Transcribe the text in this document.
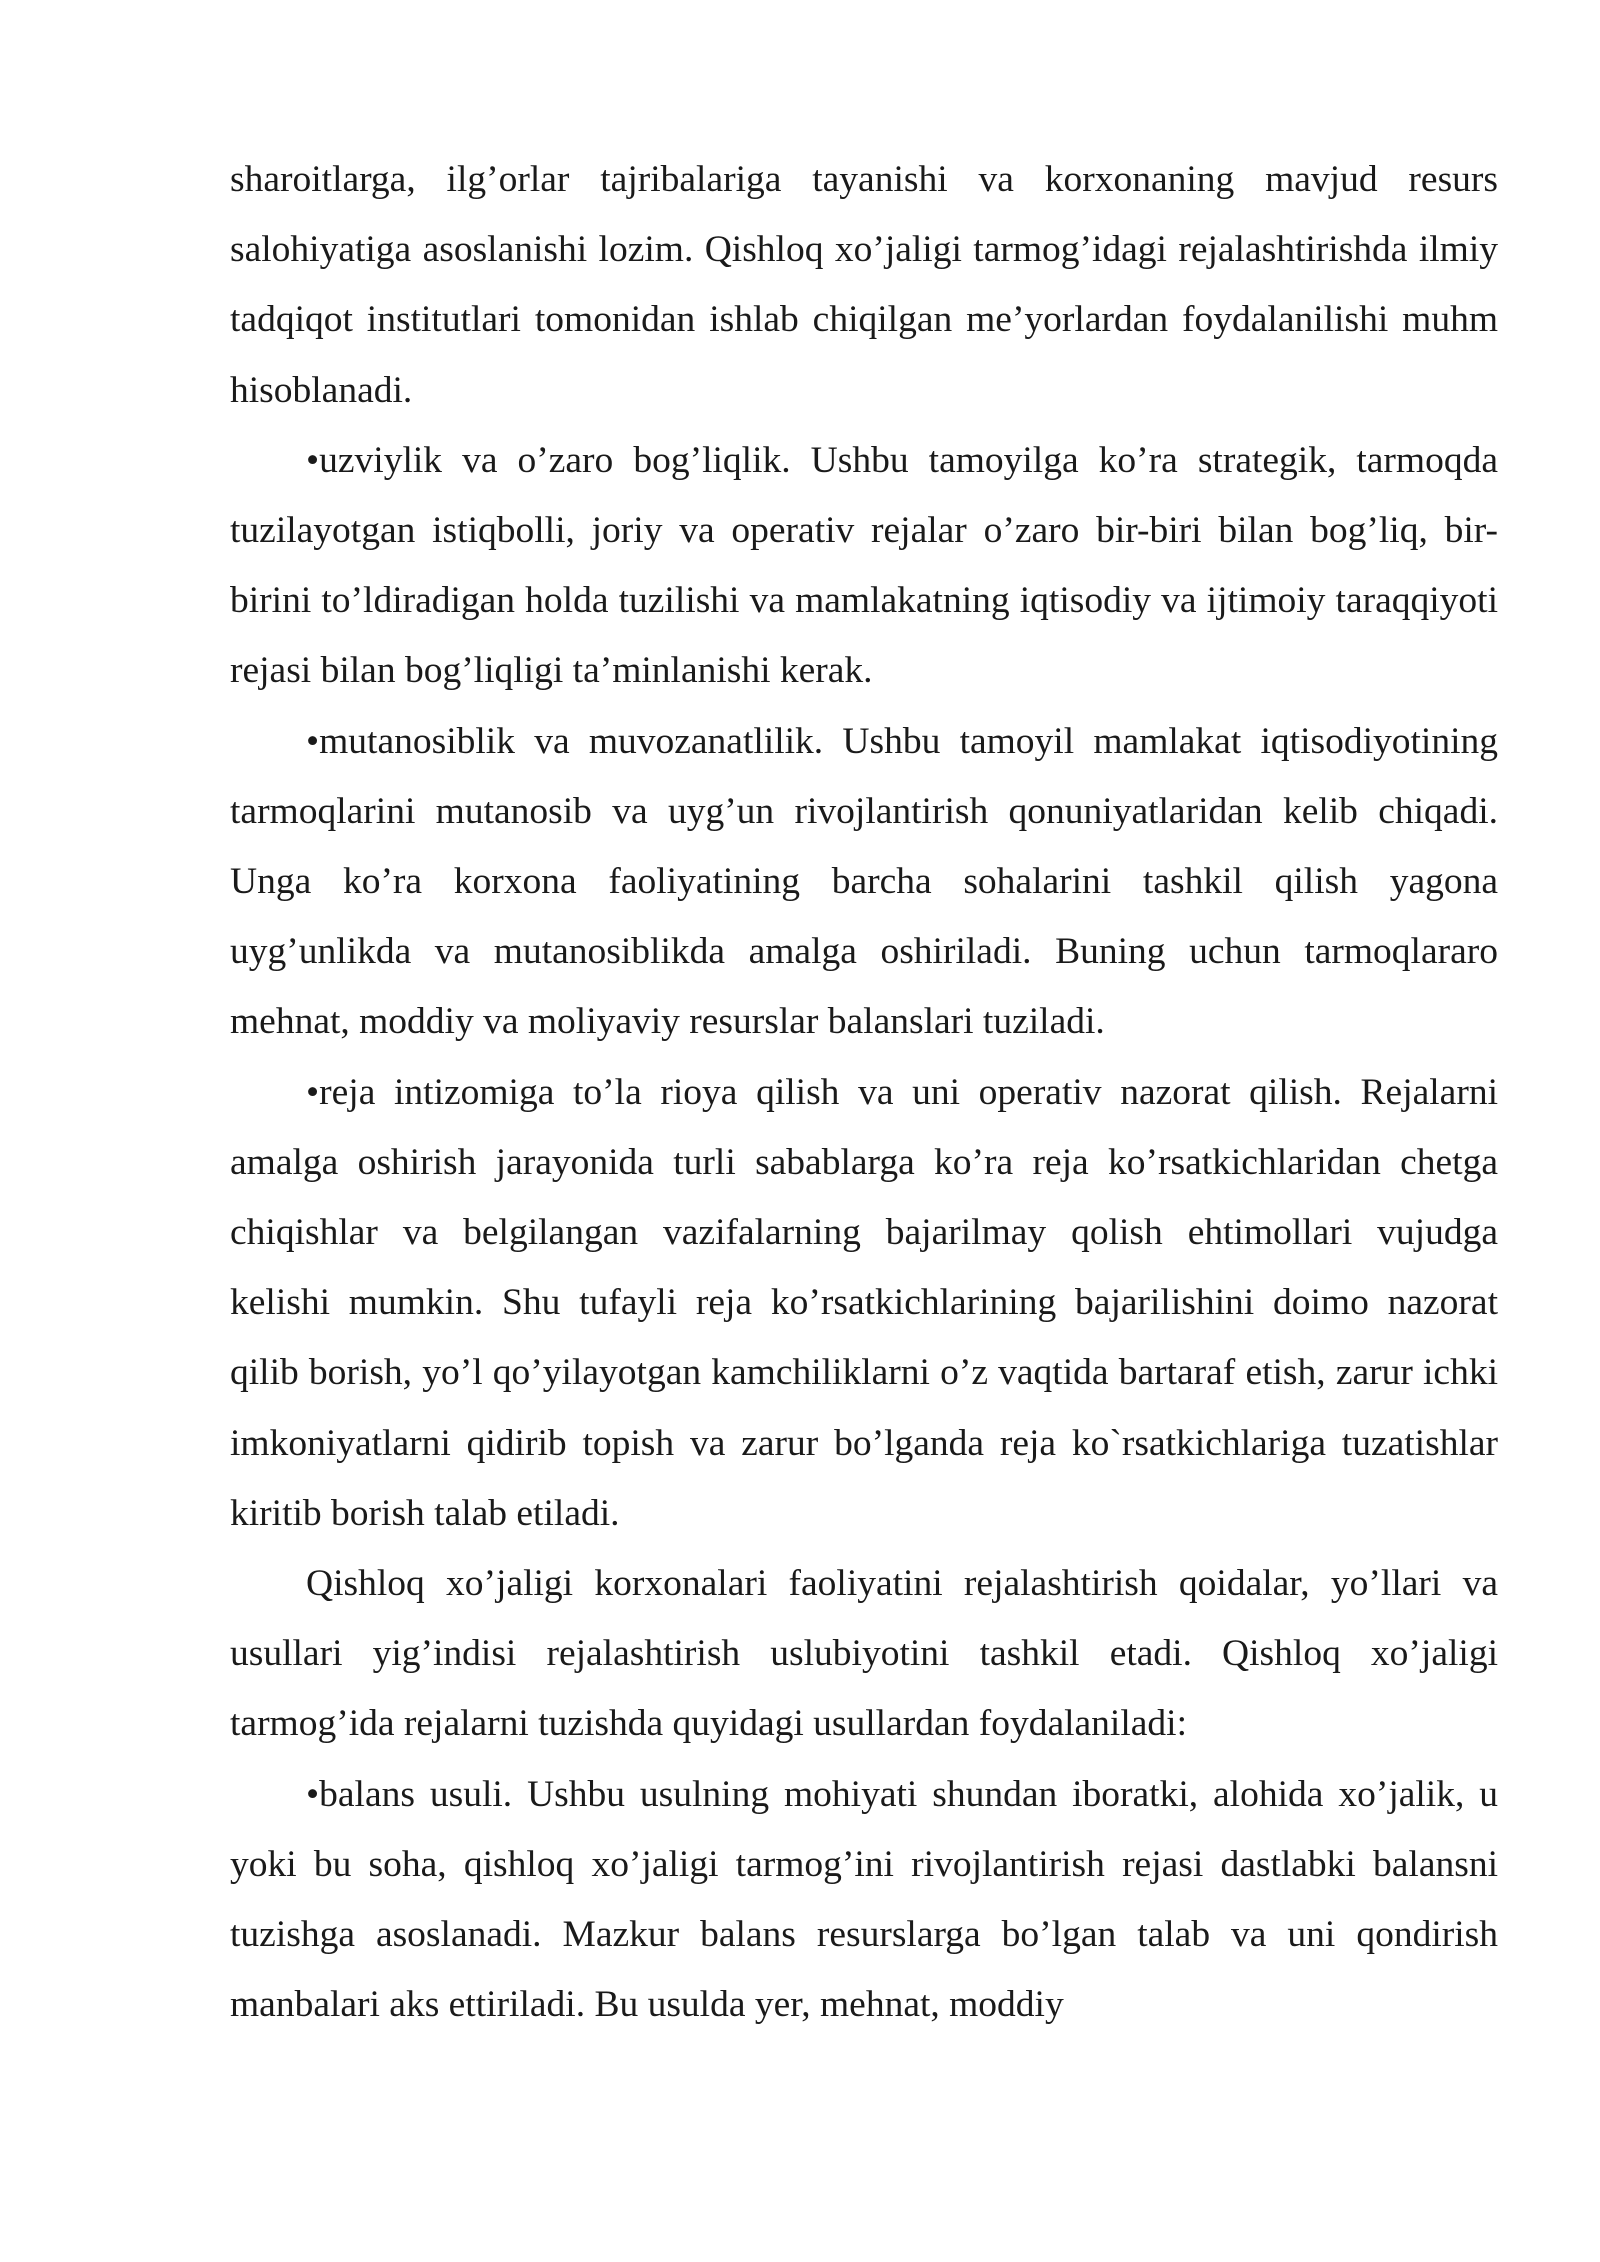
sharoitlarga, ilg’orlar tajribalariga tayanishi va korxonaning mavjud resurs salohiyatiga asoslanishi lozim. Qishloq xo’jaligi tarmog’idagi rejalashtirishda ilmiy tadqiqot institutlari tomonidan ishlab chiqilgan me’yorlardan foydalanilishi muhm hisoblanadi.

•uzviylik va o’zaro bog’liqlik. Ushbu tamoyilga ko’ra strategik, tarmoqda tuzilayotgan istiqbolli, joriy va operativ rejalar o’zaro bir-biri bilan bog’liq, bir-birini to’ldiradigan holda tuzilishi va mamlakatning iqtisodiy va ijtimoiy taraqqiyoti rejasi bilan bog’liqligi ta’minlanishi kerak.

•mutanosiblik va muvozanatlilik. Ushbu tamoyil mamlakat iqtisodiyotining tarmoqlarini mutanosib va uyg’un rivojlantirish qonuniyatlaridan kelib chiqadi. Unga ko’ra korxona faoliyatining barcha sohalarini tashkil qilish yagona uyg’unlikda va mutanosiblikda amalga oshiriladi. Buning uchun tarmoqlararo mehnat, moddiy va moliyaviy resurslar balanslari tuziladi.

•reja intizomiga to’la rioya qilish va uni operativ nazorat qilish. Rejalarni amalga oshirish jarayonida turli sabablarga ko’ra reja ko’rsatkichlaridan chetga chiqishlar va belgilangan vazifalarning bajarilmay qolish ehtimollari vujudga kelishi mumkin. Shu tufayli reja ko’rsatkichlarining bajarilishini doimo nazorat qilib borish, yo’l qo’yilayotgan kamchiliklarni o’z vaqtida bartaraf etish, zarur ichki imkoniyatlarni qidirib topish va zarur bo’lganda reja ko`rsatkichlariga tuzatishlar kiritib borish talab etiladi.

Qishloq xo’jaligi korxonalari faoliyatini rejalashtirish qoidalar, yo’llari va usullari yig’indisi rejalashtirish uslubiyotini tashkil etadi. Qishloq xo’jaligi tarmog’ida rejalarni tuzishda quyidagi usullardan foydalaniladi:

•balans usuli. Ushbu usulning mohiyati shundan iboratki, alohida xo’jalik, u yoki bu soha, qishloq xo’jaligi tarmog’ini rivojlantirish rejasi dastlabki balansni tuzishga asoslanadi. Mazkur balans resurslarga bo’lgan talab va uni qondirish manbalari aks ettiriladi. Bu usulda yer, mehnat, moddiy
